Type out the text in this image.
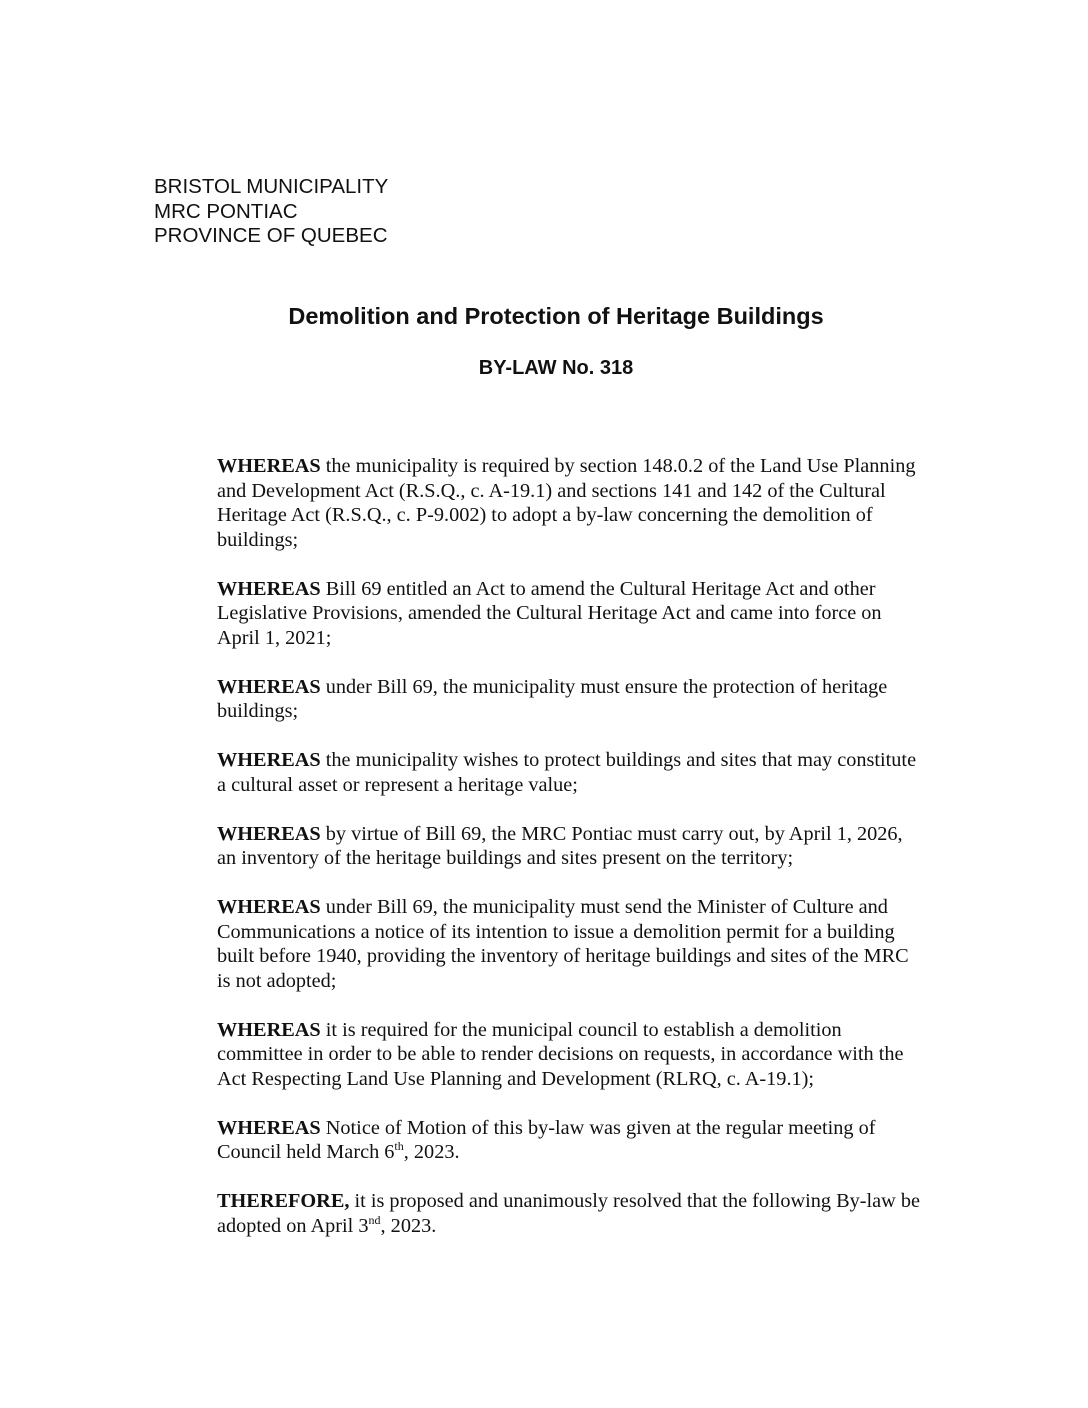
BRISTOL MUNICIPALITY
MRC PONTIAC
PROVINCE OF QUEBEC
Demolition and Protection of Heritage Buildings
BY-LAW No. 318

WHEREAS the municipality is required by section 148.0.2 of the Land Use Planning
and Development Act (R.S.Q., c. A-19.1) and sections 141 and 142 of the Cultural
Heritage Act (R.S.Q., c. P-9.002) to adopt a by-law concerning the demolition of
buildings;

WHEREAS Bill 69 entitled an Act to amend the Cultural Heritage Act and other
Legislative Provisions, amended the Cultural Heritage Act and came into force on
April 1, 2021;

WHEREAS under Bill 69, the municipality must ensure the protection of heritage
buildings;

WHEREAS the municipality wishes to protect buildings and sites that may constitute
a cultural asset or represent a heritage value;

WHEREAS by virtue of Bill 69, the MRC Pontiac must carry out, by April 1, 2026,
an inventory of the heritage buildings and sites present on the territory;

WHEREAS under Bill 69, the municipality must send the Minister of Culture and
Communications a notice of its intention to issue a demolition permit for a building
built before 1940, providing the inventory of heritage buildings and sites of the MRC
is not adopted;

WHEREAS it is required for the municipal council to establish a demolition
committee in order to be able to render decisions on requests, in accordance with the
Act Respecting Land Use Planning and Development (RLRQ, c. A-19.1);

WHEREAS Notice of Motion of this by-law was given at the regular meeting of
Council held March 6th, 2023.

THEREFORE, it is proposed and unanimously resolved that the following By-law be
adopted on April 3nd, 2023.
